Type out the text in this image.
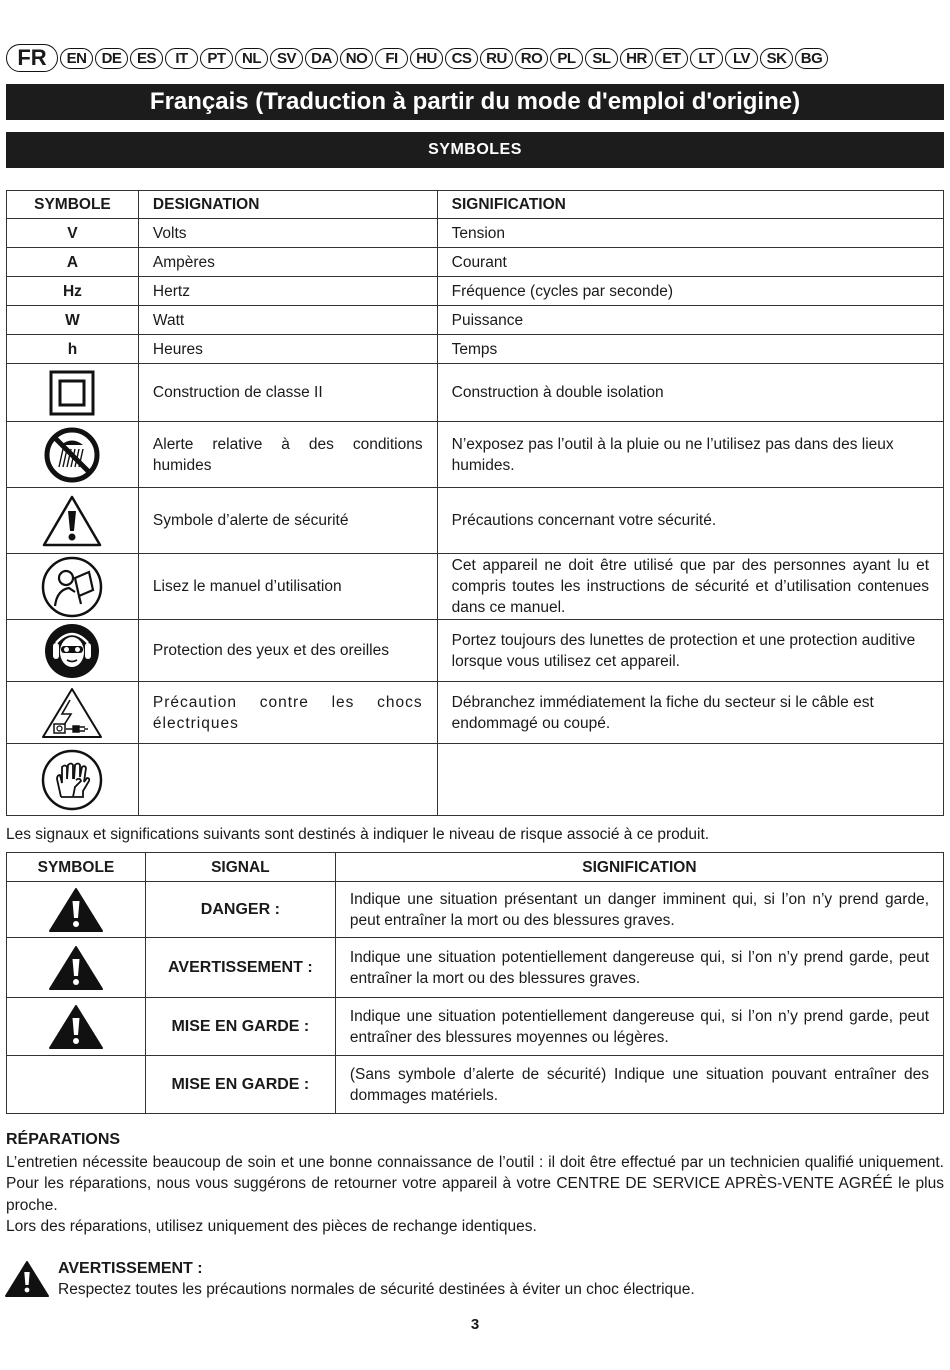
FR	EN	DE	ES	IT	PT	NL	SV	DA NO	FI	HU CS RU RO	PL	SL	HR	ET	LT	LV	SK BG
Français (Traduction à partir du mode d'emploi d'origine)
SYMBOLES
SYMBOLE	DESIGNATION	SIGNIFICATION
V	Volts	Tension
A	Ampères	Courant
Hz	Hertz	Fréquence (cycles par seconde)
W	Watt	Puissance
h	Heures	Temps

	Construction de classe II	Construction à double isolation

	Alerte relative à des conditions humides	N’exposez pas l’outil à la pluie ou ne l’utilisez pas dans des lieux humides.

	Symbole d’alerte de sécurité	Précautions concernant votre sécurité.

	Lisez le manuel d’utilisation	Cet appareil ne doit être utilisé que par des personnes ayant lu et compris toutes les instructions de sécurité et d’utilisation contenues dans ce manuel.

	Protection des yeux et des oreilles	Portez toujours des lunettes de protection et une protection auditive lorsque vous utilisez cet appareil.

	Précaution contre les chocs électriques	Débranchez immédiatement la fiche du secteur si le câble est endommagé ou coupé.

Les signaux et significations suivants sont destinés à indiquer le niveau de risque associé à ce produit.
SYMBOLE	SIGNAL	SIGNIFICATION

	DANGER :	Indique une situation présentant un danger imminent qui, si l’on n’y prend garde, peut entraîner la mort ou des blessures graves.

	AVERTISSEMENT :	Indique une situation potentiellement dangereuse qui, si l’on n’y prend garde, peut entraîner la mort ou des blessures graves.

	MISE EN GARDE :	Indique une situation potentiellement dangereuse qui, si l’on n’y prend garde, peut entraîner des blessures moyennes ou légères.
	MISE EN GARDE :	(Sans symbole d’alerte de sécurité) Indique une situation pouvant entraîner des dommages matériels.
RÉPARATIONS

L’entretien nécessite beaucoup de soin et une bonne connaissance de l’outil : il doit être effectué par un technicien qualifié uniquement. Pour les réparations, nous vous suggérons de retourner votre appareil à votre CENTRE DE SERVICE APRÈS-VENTE AGRÉÉ le plus proche.

Lors des réparations, utilisez uniquement des pièces de rechange identiques.

AVERTISSEMENT :
Respectez toutes les précautions normales de sécurité destinées à éviter un choc électrique.
3
